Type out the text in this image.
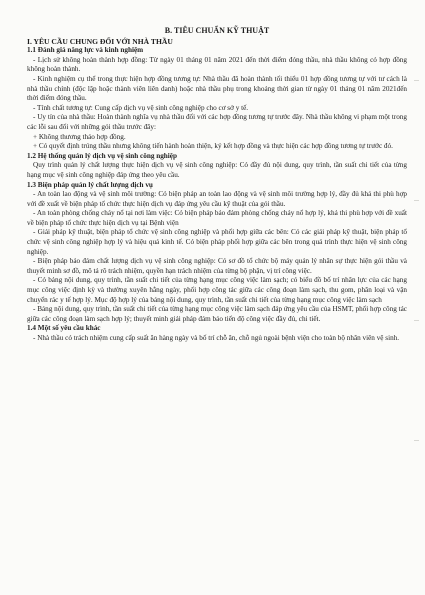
B. TIÊU CHUẨN KỸ THUẬT
I. YÊU CẦU CHUNG ĐỐI VỚI NHÀ THẦU
1.1 Đánh giá năng lực và kinh nghiệm

- Lịch sử không hoàn thành hợp đồng: Từ ngày 01 tháng 01 năm 2021 đến thời điểm đóng thầu, nhà thầu không có hợp đồng không hoàn thành.

- Kinh nghiệm cụ thể trong thực hiện hợp đồng tương tự: Nhà thầu đã hoàn thành tối thiểu 01 hợp đồng tương tự với tư cách là nhà thầu chính (độc lập hoặc thành viên liên danh) hoặc nhà thầu phụ trong khoảng thời gian từ ngày 01 tháng 01 năm 2021đến thời điểm đóng thầu.

- Tính chất tương tự: Cung cấp dịch vụ vệ sinh công nghiệp cho cơ sở y tế.

- Uy tín của nhà thầu: Hoàn thành nghĩa vụ nhà thầu đối với các hợp đồng tương tự trước đây. Nhà thầu không vi phạm một trong các lỗi sau đối với những gói thầu trước đây:

+ Không thương thảo hợp đồng.

+ Có quyết định trúng thầu nhưng không tiến hành hoàn thiện, ký kết hợp đồng và thực hiện các hợp đồng tương tự trước đó.

1.2 Hệ thống quản lý dịch vụ vệ sinh công nghiệp

Quy trình quản lý chất lượng thực hiện dịch vụ vệ sinh công nghiệp: Có đầy đủ nội dung, quy trình, tần suất chi tiết của từng hạng mục vệ sinh công nghiệp đáp ứng theo yêu cầu.

1.3 Biện pháp quản lý chất lượng dịch vụ

- An toàn lao động và vệ sinh môi trường: Có biện pháp an toàn lao động và vệ sinh môi trường hợp lý, đầy đủ khả thi phù hợp với đề xuất về biện pháp tổ chức thực hiện dịch vụ đáp ứng yêu cầu kỹ thuật của gói thầu.

- An toàn phòng chống cháy nổ tại nơi làm việc: Có biện pháp bảo đảm phòng chống cháy nổ hợp lý, khả thi phù hợp với đề xuất về biện pháp tổ chức thực hiện dịch vụ tại Bệnh viện

- Giải pháp kỹ thuật, biện pháp tổ chức vệ sinh công nghiệp và phối hợp giữa các bên: Có các giải pháp kỹ thuật, biện pháp tổ chức vệ sinh công nghiệp hợp lý và hiệu quả kinh tế. Có biện pháp phối hợp giữa các bên trong quá trình thực hiện vệ sinh công nghiệp.

- Biện pháp bảo đảm chất lượng dịch vụ vệ sinh công nghiệp: Có sơ đồ tổ chức bộ máy quản lý nhân sự thực hiện gói thầu và thuyết minh sơ đồ, mô tả rõ trách nhiệm, quyền hạn trách nhiệm của từng bộ phận, vị trí công việc.

- Có bảng nội dung, quy trình, tần suất chi tiết của từng hạng mục công việc làm sạch; có biểu đồ bố trí nhân lực của các hạng mục công việc định kỳ và thường xuyên hằng ngày, phối hợp công tác giữa các công đoạn làm sạch, thu gom, phân loại và vận chuyển rác y tế hợp lý. Mục độ hợp lý của bảng nội dung, quy trình, tần suất chi tiết của từng hạng mục công việc làm sạch

- Bảng nội dung, quy trình, tần suất chi tiết của từng hạng mục công việc làm sạch đáp ứng yêu cầu của HSMT, phối hợp công tác giữa các công đoạn làm sạch hợp lý; thuyết minh giải pháp đảm bảo tiến độ công việc đầy đủ, chi tiết.

1.4 Một số yêu cầu khác

- Nhà thầu có trách nhiệm cung cấp suất ăn hàng ngày và bố trí chỗ ăn, chỗ ngủ ngoài bệnh viện cho toàn bộ nhân viên vệ sinh.
